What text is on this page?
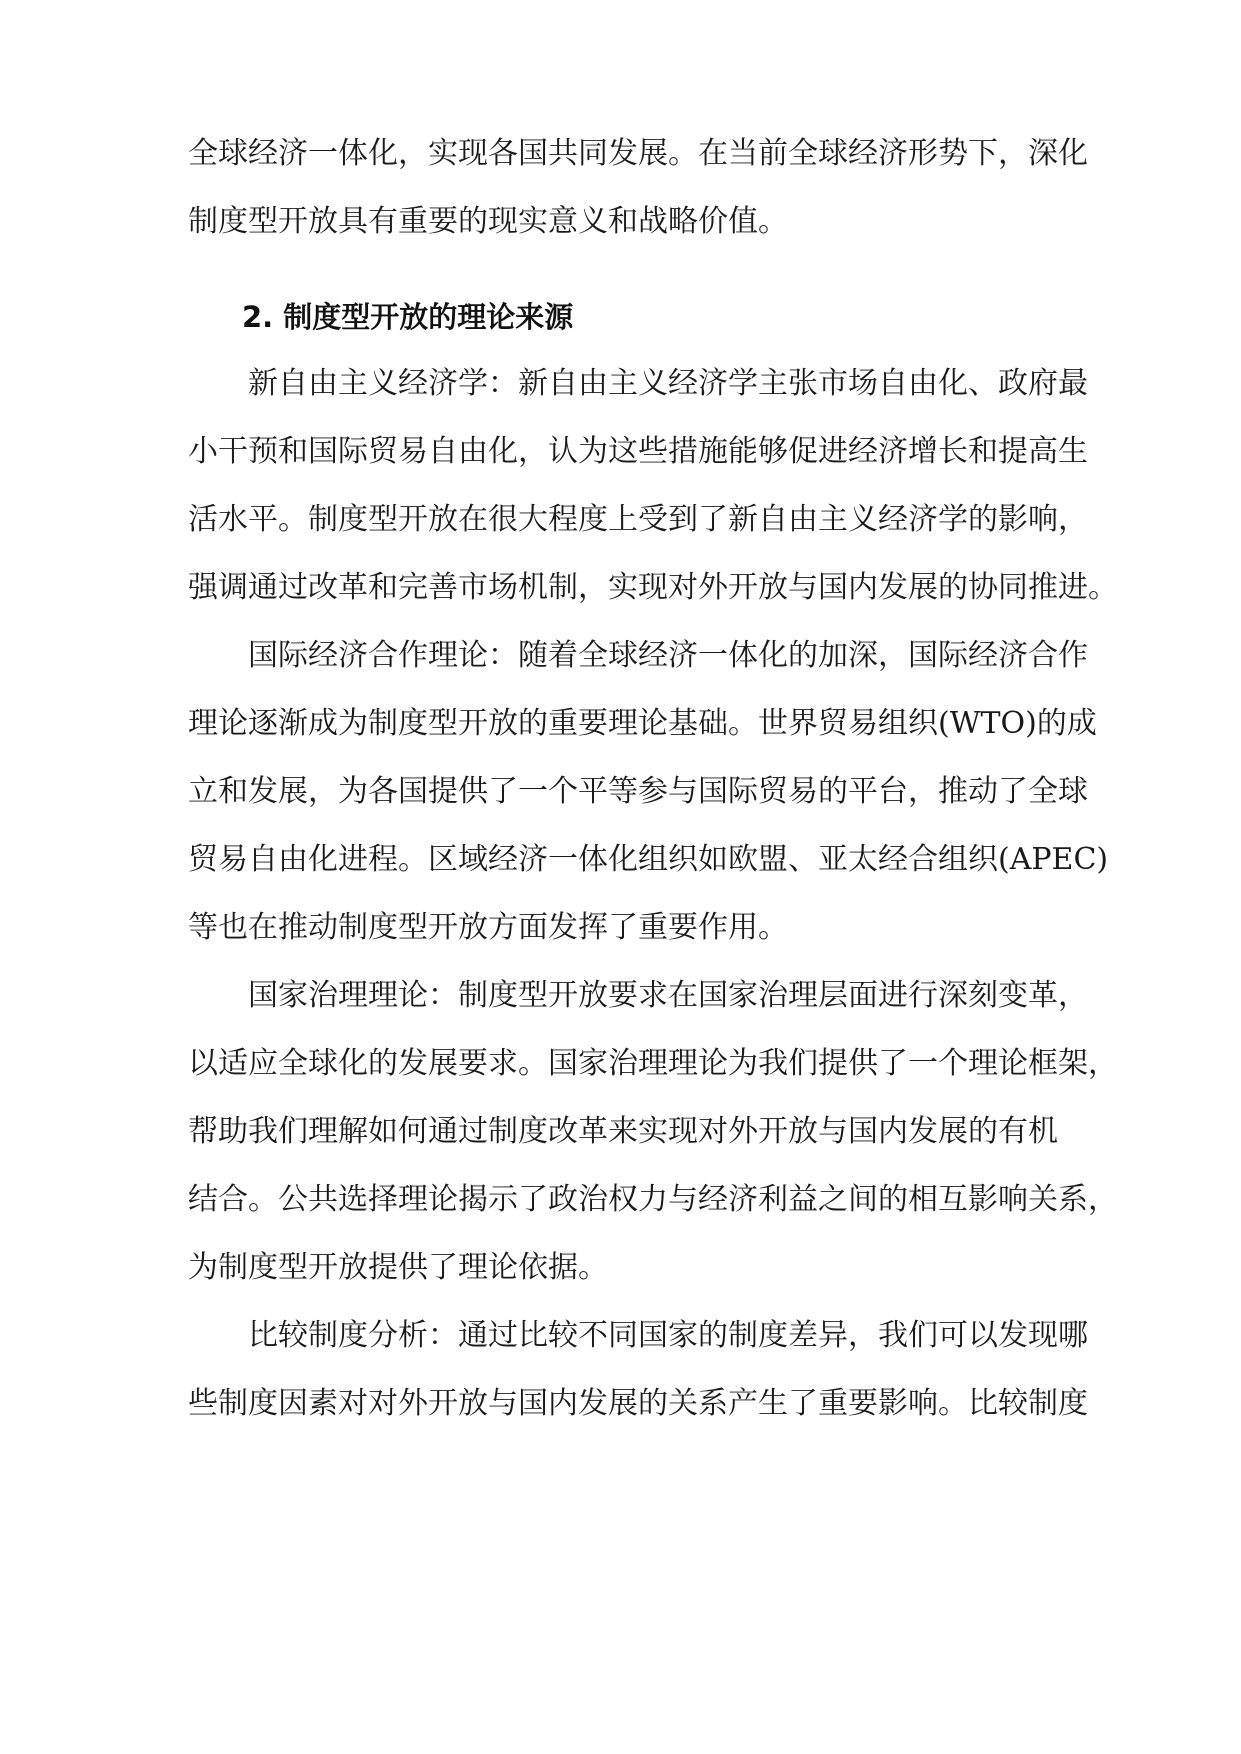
全球经济一体化，实现各国共同发展。在当前全球经济形势下，深化

制度型开放具有重要的现实意义和战略价值。

2. 制度型开放的理论来源

新自由主义经济学：新自由主义经济学主张市场自由化、政府最

小干预和国际贸易自由化，认为这些措施能够促进经济增长和提高生

活水平。制度型开放在很大程度上受到了新自由主义经济学的影响，

强调通过改革和完善市场机制，实现对外开放与国内发展的协同推进。

国际经济合作理论：随着全球经济一体化的加深，国际经济合作

理论逐渐成为制度型开放的重要理论基础。世界贸易组织(WTO)的成

立和发展，为各国提供了一个平等参与国际贸易的平台，推动了全球

贸易自由化进程。区域经济一体化组织如欧盟、亚太经合组织(APEC)

等也在推动制度型开放方面发挥了重要作用。

国家治理理论：制度型开放要求在国家治理层面进行深刻变革，

以适应全球化的发展要求。国家治理理论为我们提供了一个理论框架，

帮助我们理解如何通过制度改革来实现对外开放与国内发展的有机

结合。公共选择理论揭示了政治权力与经济利益之间的相互影响关系，

为制度型开放提供了理论依据。

比较制度分析：通过比较不同国家的制度差异，我们可以发现哪

些制度因素对对外开放与国内发展的关系产生了重要影响。比较制度
